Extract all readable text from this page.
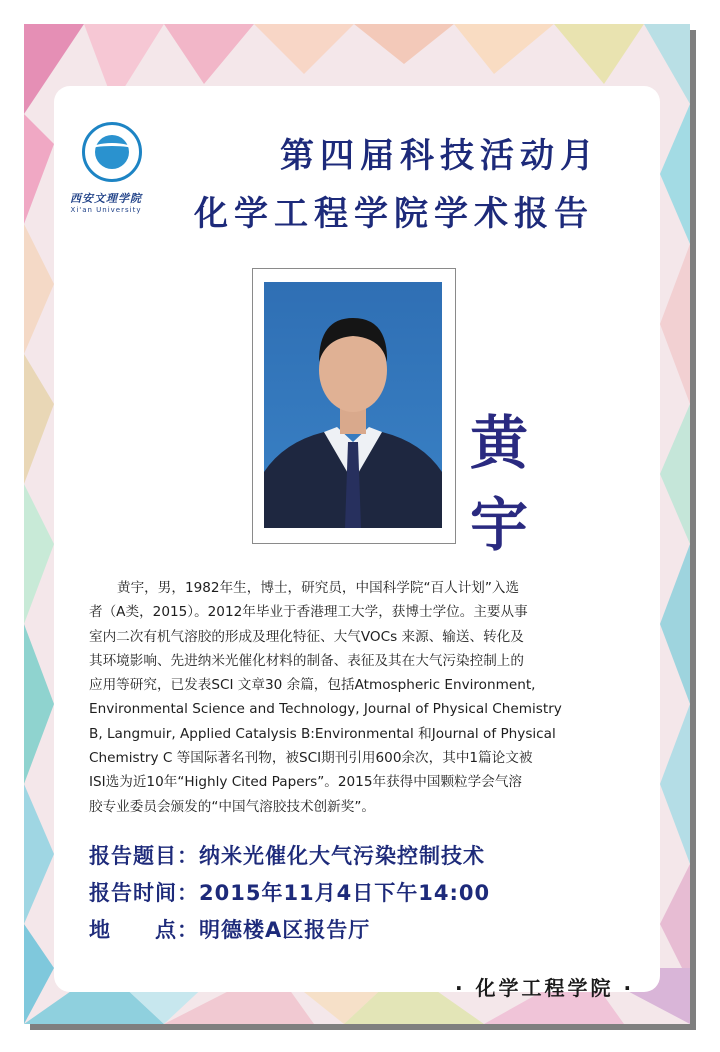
西安文理学院
Xi'an University
第四届科技活动月
化学工程学院学术报告
黄
宇
黄宇，男，1982年生，博士，研究员，中国科学院“百人计划”入选
者（A类，2015）。2012年毕业于香港理工大学，获博士学位。主要从事
室内二次有机气溶胶的形成及理化特征、大气VOCs 来源、输送、转化及
其环境影响、先进纳米光催化材料的制备、表征及其在大气污染控制上的
应用等研究，已发表SCI 文章30 余篇，包括Atmospheric Environment,
Environmental Science and Technology, Journal of Physical Chemistry
B, Langmuir, Applied Catalysis B:Environmental 和Journal of Physical
Chemistry C 等国际著名刊物，被SCI期刊引用600余次，其中1篇论文被
ISI选为近10年“Highly Cited Papers”。2015年获得中国颗粒学会气溶
胶专业委员会颁发的“中国气溶胶技术创新奖”。
报告题目：纳米光催化大气污染控制技术
报告时间：2015年11月4日下午14:00
地　　点：明德楼A区报告厅
· 化学工程学院 ·
